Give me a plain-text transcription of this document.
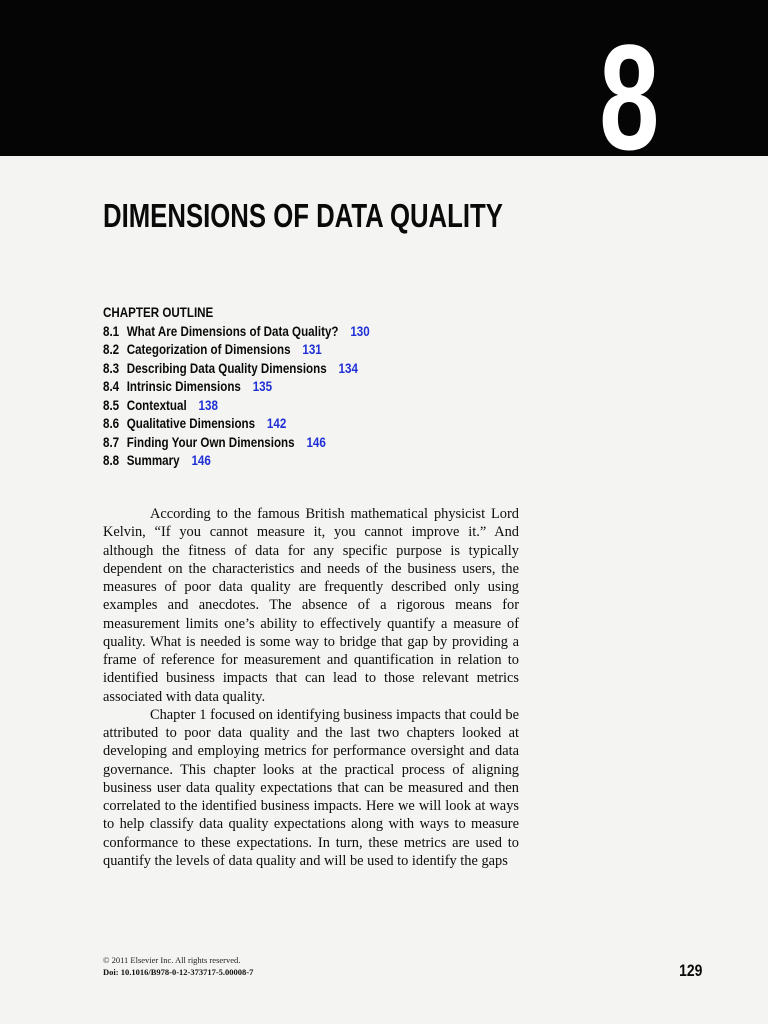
8
DIMENSIONS OF DATA QUALITY
CHAPTER OUTLINE
8.1 What Are Dimensions of Data Quality? 130
8.2 Categorization of Dimensions 131
8.3 Describing Data Quality Dimensions 134
8.4 Intrinsic Dimensions 135
8.5 Contextual 138
8.6 Qualitative Dimensions 142
8.7 Finding Your Own Dimensions 146
8.8 Summary 146

According to the famous British mathematical physicist Lord Kelvin, “If you cannot measure it, you cannot improve it.” And although the fitness of data for any specific purpose is typically dependent on the characteristics and needs of the business users, the measures of poor data quality are frequently described only using examples and anecdotes. The absence of a rigorous means for measurement limits one’s ability to effectively quantify a measure of quality. What is needed is some way to bridge that gap by providing a frame of reference for measurement and quantification in relation to identified business impacts that can lead to those relevant metrics associated with data quality.

Chapter 1 focused on identifying business impacts that could be attributed to poor data quality and the last two chapters looked at developing and employing metrics for performance oversight and data governance. This chapter looks at the practical process of aligning business user data quality expectations that can be measured and then correlated to the identified business impacts. Here we will look at ways to help classify data quality expectations along with ways to measure conformance to these expectations. In turn, these metrics are used to quantify the levels of data quality and will be used to identify the gaps

© 2011 Elsevier Inc. All rights reserved.
Doi: 10.1016/B978-0-12-373717-5.00008-7	129
